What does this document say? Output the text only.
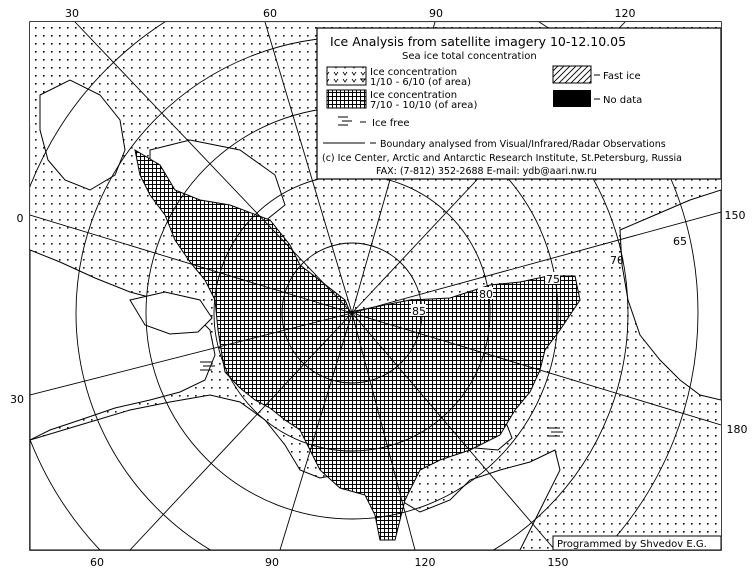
30	60	90	120
60	90	120	150
0
30
150
180
65
70
75
80
85
Ice Analysis from satellite imagery 10-12.10.05
Sea ice total concentration
Ice concentration
1/10 - 6/10 (of area)
Fast ice
Ice concentration
7/10 - 10/10 (of area)	No data
Ice free
Boundary analysed from Visual/Infrared/Radar Observations
(c) Ice Center, Arctic and Antarctic Research Institute, St.Petersburg, Russia
FAX: (7-812) 352-2688 E-mail: ydb@aari.nw.ru
Programmed by Shvedov E.G.
